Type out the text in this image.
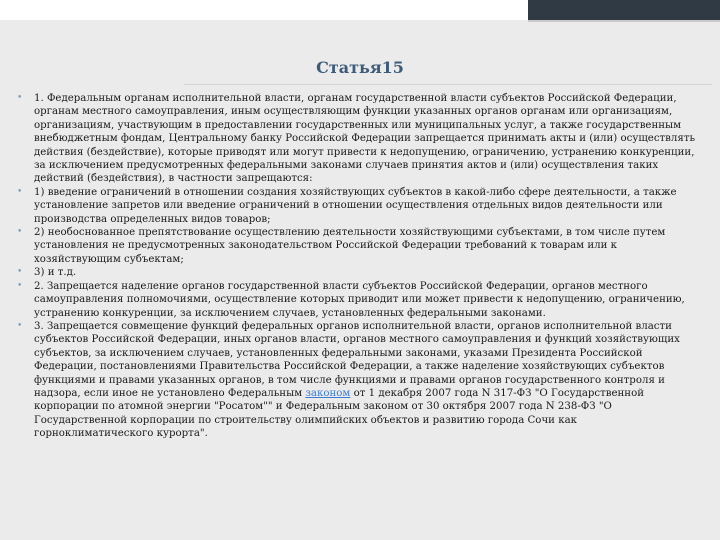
Статья15
• 1. Федеральным органам исполнительной власти, органам государственной власти субъектов Российской Федерации, органам местного самоуправления, иным осуществляющим функции указанных органов органам или организациям, организациям, участвующим в предоставлении государственных или муниципальных услуг, а также государственным внебюджетным фондам, Центральному банку Российской Федерации запрещается принимать акты и (или) осуществлять действия (бездействие), которые приводят или могут привести к недопущению, ограничению, устранению конкуренции, за исключением предусмотренных федеральными законами случаев принятия актов и (или) осуществления таких действий (бездействия), в частности запрещаются:
• 1) введение ограничений в отношении создания хозяйствующих субъектов в какой-либо сфере деятельности, а также установление запретов или введение ограничений в отношении осуществления отдельных видов деятельности или производства определенных видов товаров;
• 2) необоснованное препятствование осуществлению деятельности хозяйствующими субъектами, в том числе путем установления не предусмотренных законодательством Российской Федерации требований к товарам или к хозяйствующим субъектам;
• 3) и т.д.
• 2. Запрещается наделение органов государственной власти субъектов Российской Федерации, органов местного самоуправления полномочиями, осуществление которых приводит или может привести к недопущению, ограничению, устранению конкуренции, за исключением случаев, установленных федеральными законами.
• 3. Запрещается совмещение функций федеральных органов исполнительной власти, органов исполнительной власти субъектов Российской Федерации, иных органов власти, органов местного самоуправления и функций хозяйствующих субъектов, за исключением случаев, установленных федеральными законами, указами Президента Российской Федерации, постановлениями Правительства Российской Федерации, а также наделение хозяйствующих субъектов функциями и правами указанных органов, в том числе функциями и правами органов государственного контроля и надзора, если иное не установлено Федеральным законом от 1 декабря 2007 года N 317-ФЗ "О Государственной корпорации по атомной энергии "Росатом"" и Федеральным законом от 30 октября 2007 года N 238-ФЗ "О Государственной корпорации по строительству олимпийских объектов и развитию города Сочи как горноклиматического курорта".
